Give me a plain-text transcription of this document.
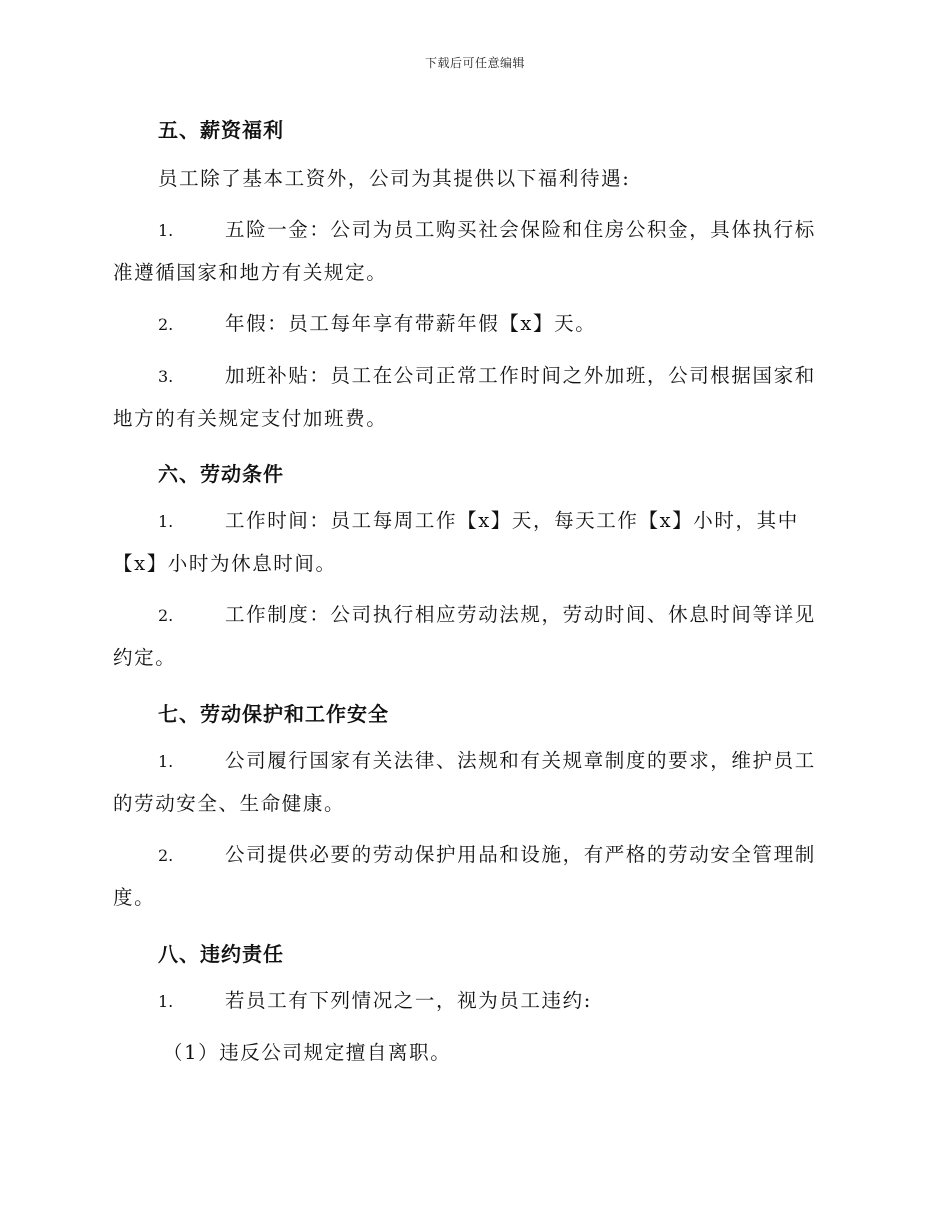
下载后可任意编辑
五、薪资福利
员工除了基本工资外，公司为其提供以下福利待遇:
1.	五险一金：公司为员工购买社会保险和住房公积金，具体执行标准遵循国家和地方有关规定。
2.	年假：员工每年享有带薪年假【x】天。
3.	加班补贴：员工在公司正常工作时间之外加班，公司根据国家和地方的有关规定支付加班费。
六、劳动条件
1.	工作时间：员工每周工作【x】天，每天工作【x】小时，其中【x】小时为休息时间。
2.	工作制度：公司执行相应劳动法规，劳动时间、休息时间等详见约定。
七、劳动保护和工作安全
1.	公司履行国家有关法律、法规和有关规章制度的要求，维护员工的劳动安全、生命健康。
2.	公司提供必要的劳动保护用品和设施，有严格的劳动安全管理制度。
八、违约责任
1.	若员工有下列情况之一，视为员工违约:
（1）违反公司规定擅自离职。
